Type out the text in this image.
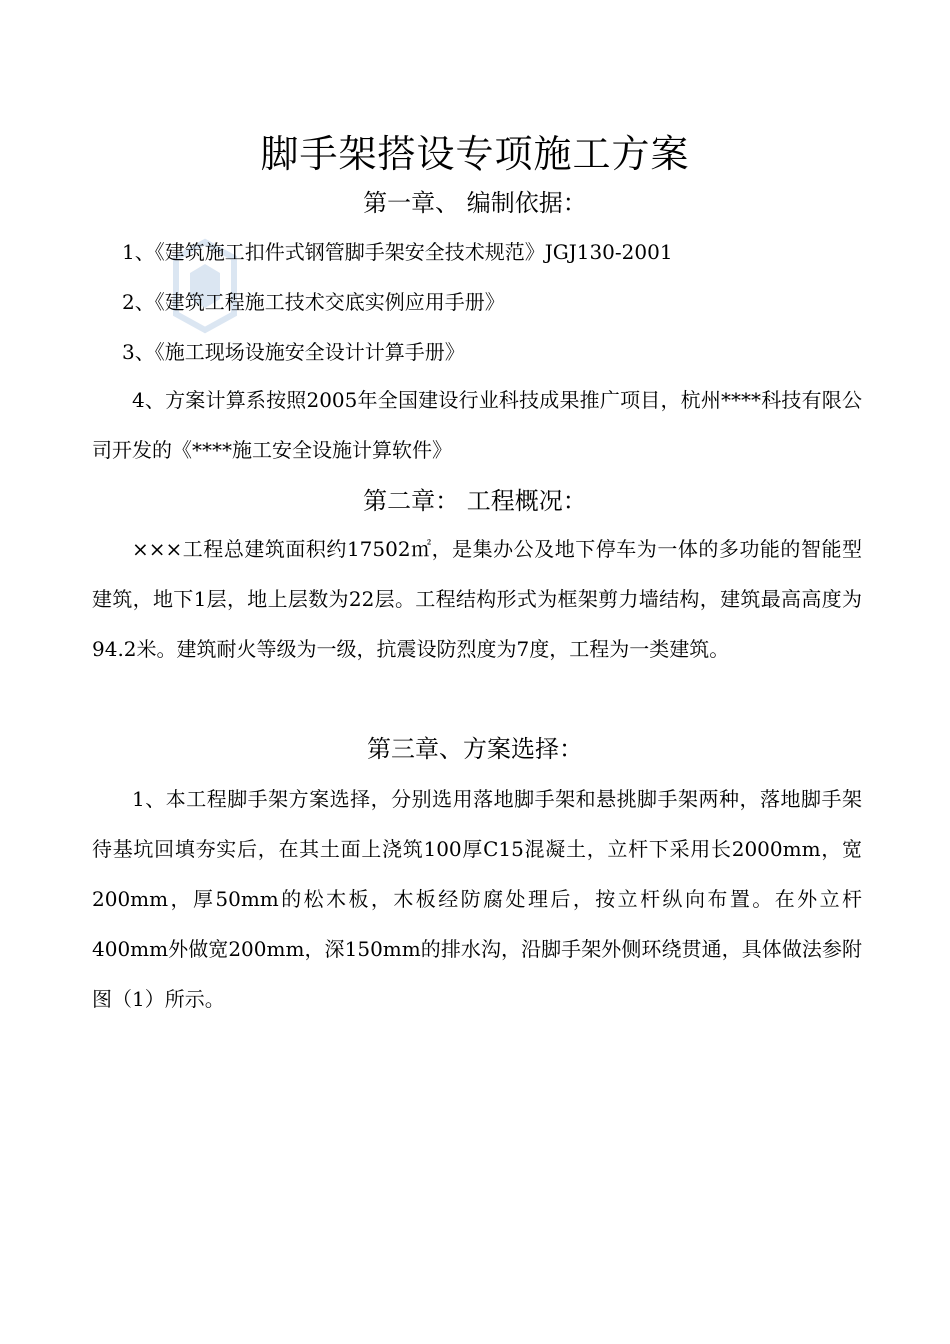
脚手架搭设专项施工方案
第一章、 编制依据：
1、《建筑施工扣件式钢管脚手架安全技术规范》JGJ130-2001
2、《建筑工程施工技术交底实例应用手册》
3、《施工现场设施安全设计计算手册》

4、方案计算系按照2005年全国建设行业科技成果推广项目，杭州****科技有限公司开发的《****施工安全设施计算软件》

第二章： 工程概况：

×××工程总建筑面积约17502㎡，是集办公及地下停车为一体的多功能的智能型建筑，地下1层，地上层数为22层。工程结构形式为框架剪力墙结构，建筑最高高度为94.2米。建筑耐火等级为一级，抗震设防烈度为7度，工程为一类建筑。

第三章、方案选择：

1、本工程脚手架方案选择，分别选用落地脚手架和悬挑脚手架两种，落地脚手架待基坑回填夯实后，在其土面上浇筑100厚C15混凝土，立杆下采用长2000mm，宽200mm，厚50mm的松木板，木板经防腐处理后，按立杆纵向布置。在外立杆400mm外做宽200mm，深150mm的排水沟，沿脚手架外侧环绕贯通，具体做法参附图（1）所示。
